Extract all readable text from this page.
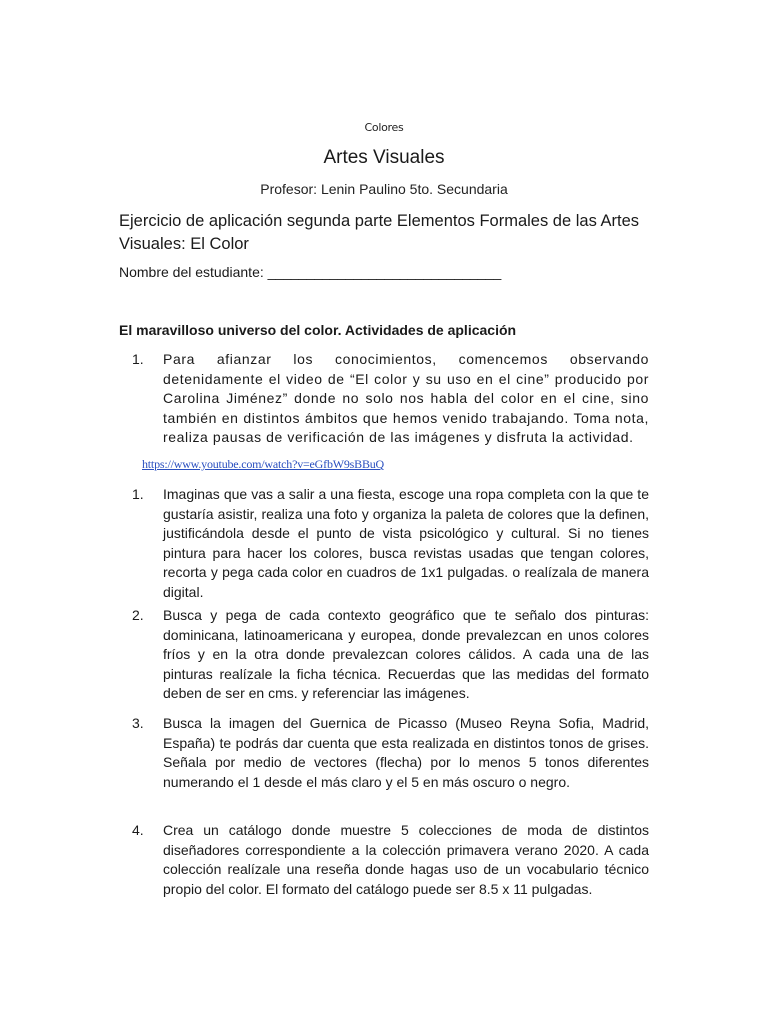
Colores
Artes Visuales
Profesor: Lenin Paulino 5to. Secundaria
Ejercicio de aplicación segunda parte Elementos Formales de las Artes Visuales: El Color
Nombre del estudiante: ______________________________
El maravilloso universo del color. Actividades de aplicación
1.	Para afianzar los conocimientos, comencemos observando detenidamente el video de “El color y su uso en el cine” producido por Carolina Jiménez” donde no solo nos habla del color en el cine, sino también en distintos ámbitos que hemos venido trabajando. Toma nota, realiza pausas de verificación de las imágenes y disfruta la actividad.
https://www.youtube.com/watch?v=eGfbW9sBBuQ
1.	Imaginas que vas a salir a una fiesta, escoge una ropa completa con la que te gustaría asistir, realiza una foto y organiza la paleta de colores que la definen, justificándola desde el punto de vista psicológico y cultural. Si no tienes pintura para hacer los colores, busca revistas usadas que tengan colores, recorta y pega cada color en cuadros de 1x1 pulgadas. o realízala de manera digital.
2.	Busca y pega de cada contexto geográfico que te señalo dos pinturas: dominicana, latinoamericana y europea, donde prevalezcan en unos colores fríos y en la otra donde prevalezcan colores cálidos. A cada una de las pinturas realízale la ficha técnica. Recuerdas que las medidas del formato deben de ser en cms. y referenciar las imágenes.
3.	Busca la imagen del Guernica de Picasso (Museo Reyna Sofia, Madrid, España) te podrás dar cuenta que esta realizada en distintos tonos de grises. Señala por medio de vectores (flecha) por lo menos 5 tonos diferentes numerando el 1 desde el más claro y el 5 en más oscuro o negro.
4.	Crea un catálogo donde muestre 5 colecciones de moda de distintos diseñadores correspondiente a la colección primavera verano 2020. A cada colección realízale una reseña donde hagas uso de un vocabulario técnico propio del color. El formato del catálogo puede ser 8.5 x 11 pulgadas.
